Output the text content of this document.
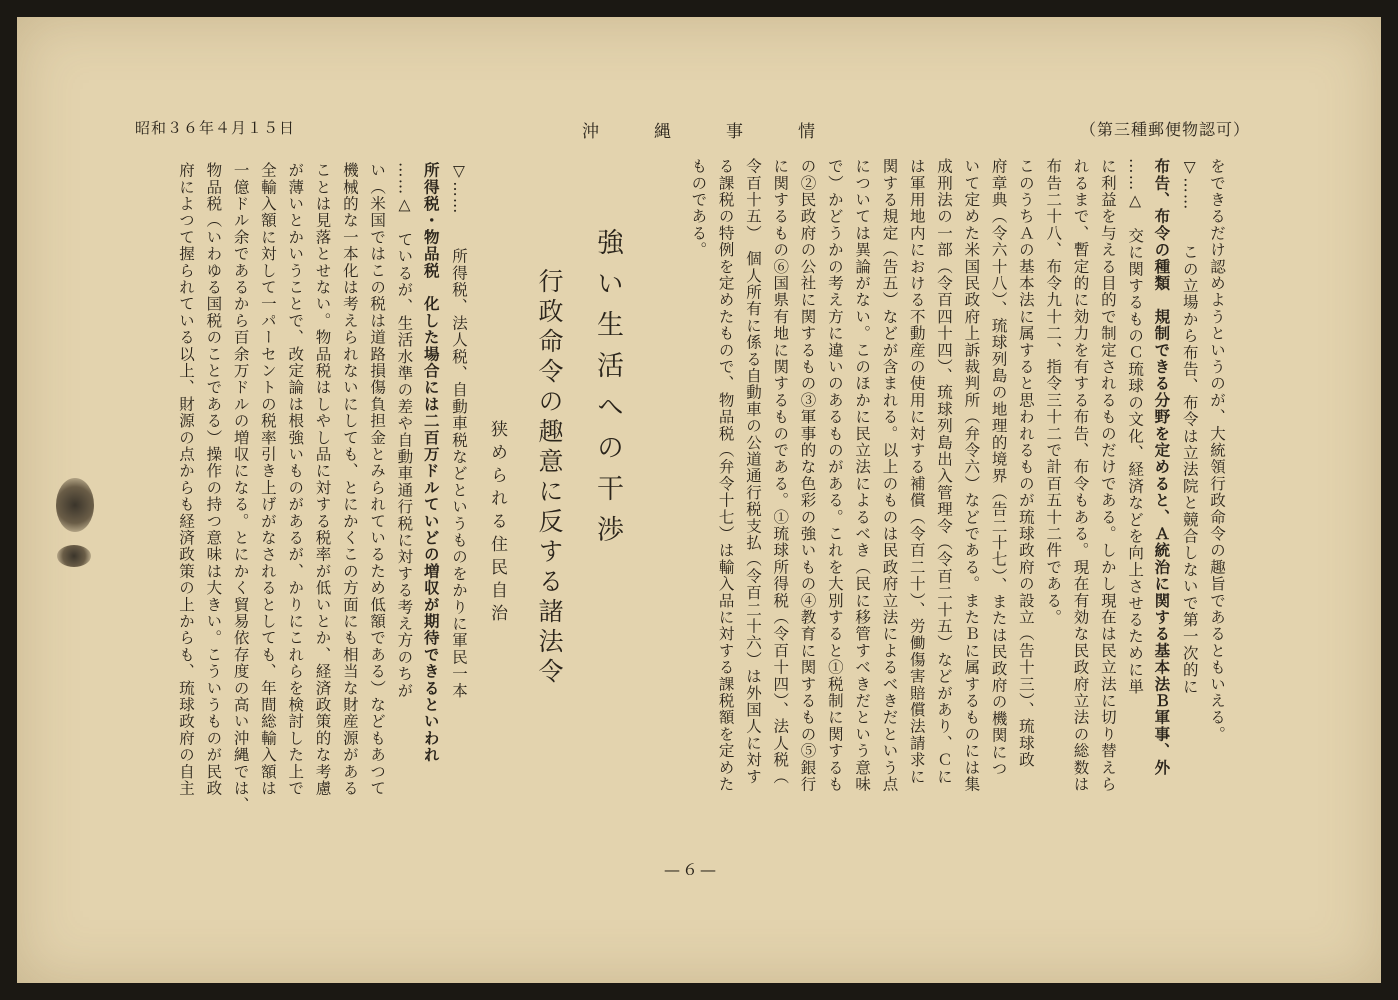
昭和３６年４月１５日	沖縄事情	（第三種郵便物認可）
をできるだけ認めようというのが、大統領行政命令の趣旨であるともいえる。
▽……　　この立場から布告、布令は立法院と競合しないで第一次的に
布告、布令の種類　規制できる分野を定めると、Ａ統治に関する基本法Ｂ軍事、外
……△　交に関するものＣ琉球の文化、経済などを向上させるために単
に利益を与える目的で制定されるものだけである。しかし現在は民立法に切り替えら
れるまで、暫定的に効力を有する布告、布令もある。現在有効な民政府立法の総数は
布告二十八、布令九十二、指令三十二で計百五十二件である。
このうちＡの基本法に属すると思われるものが琉球政府の設立（告十三）、琉球政
府章典（令六十八）、琉球列島の地理的境界（告二十七）、または民政府の機関につ
いて定めた米国民政府上訴裁判所（弁令六）などである。またＢに属するものには集
成刑法の一部（令百四十四）、琉球列島出入管理令（令百二十五）などがあり、Ｃに
は軍用地内における不動産の使用に対する補償（令百二十）、労働傷害賠償法請求に
関する規定（告五）などが含まれる。以上のものは民政府立法によるべきだという点
については異論がない。このほかに民立法によるべき（民に移管すべきだという意味
で）かどうかの考え方に違いのあるものがある。これを大別すると①税制に関するも
の②民政府の公社に関するもの③軍事的な色彩の強いもの④教育に関するもの⑤銀行
に関するもの⑥国県有地に関するものである。①琉球所得税（令百十四）、法人税（
令百十五）　個人所有に係る自動車の公道通行税支払（令百二十六）は外国人に対す
る課税の特例を定めたもので、物品税（弁令十七）は輸入品に対する課税額を定めた
ものである。
強い生活への干渉
行政命令の趣意に反する諸法令
狭められる住民自治
▽……　　所得税、法人税、自動車税などというものをかりに軍民一本
所得税・物品税　化した場合には二百万ドルていどの増収が期待できるといわれ
……△　ているが、生活水準の差や自動車通行税に対する考え方のちが
い（米国ではこの税は道路損傷負担金とみられているため低額である）などもあつて
機械的な一本化は考えられないにしても、とにかくこの方面にも相当な財産源がある
ことは見落とせない。物品税はしやし品に対する税率が低いとか、経済政策的な考慮
が薄いとかいうことで、改定論は根強いものがあるが、かりにこれらを検討した上で
全輸入額に対して一パーセントの税率引き上げがなされるとしても、年間総輸入額は
一億ドル余であるから百余万ドルの増収になる。とにかく貿易依存度の高い沖縄では、
物品税（いわゆる国税のことである）操作の持つ意味は大きい。こういうものが民政
府によつて握られている以上、財源の点からも経済政策の上からも、琉球政府の自主
—６—
